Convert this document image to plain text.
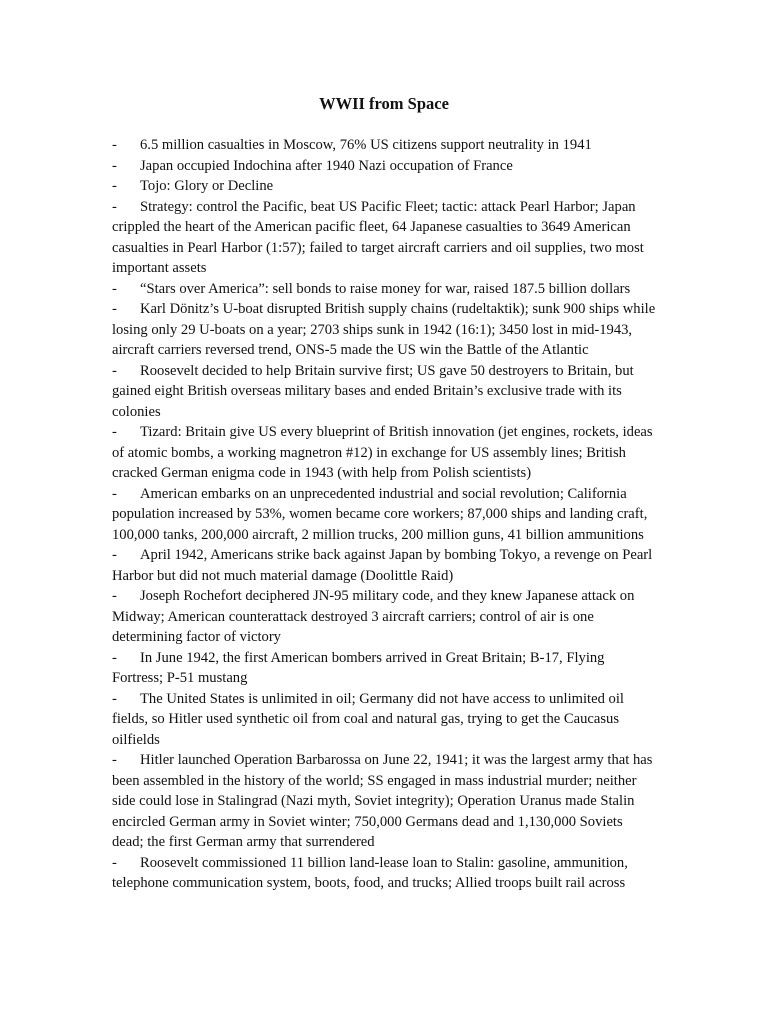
WWII from Space
- 6.5 million casualties in Moscow, 76% US citizens support neutrality in 1941
- Japan occupied Indochina after 1940 Nazi occupation of France
- Tojo: Glory or Decline
- Strategy: control the Pacific, beat US Pacific Fleet; tactic: attack Pearl Harbor; Japan crippled the heart of the American pacific fleet, 64 Japanese casualties to 3649 American casualties in Pearl Harbor (1:57); failed to target aircraft carriers and oil supplies, two most important assets
- “Stars over America”: sell bonds to raise money for war, raised 187.5 billion dollars
- Karl Dönitz’s U-boat disrupted British supply chains (rudeltaktik); sunk 900 ships while losing only 29 U-boats on a year; 2703 ships sunk in 1942 (16:1); 3450 lost in mid-1943, aircraft carriers reversed trend, ONS-5 made the US win the Battle of the Atlantic
- Roosevelt decided to help Britain survive first; US gave 50 destroyers to Britain, but gained eight British overseas military bases and ended Britain’s exclusive trade with its colonies
- Tizard: Britain give US every blueprint of British innovation (jet engines, rockets, ideas of atomic bombs, a working magnetron #12) in exchange for US assembly lines; British cracked German enigma code in 1943 (with help from Polish scientists)
- American embarks on an unprecedented industrial and social revolution; California population increased by 53%, women became core workers; 87,000 ships and landing craft, 100,000 tanks, 200,000 aircraft, 2 million trucks, 200 million guns, 41 billion ammunitions
- April 1942, Americans strike back against Japan by bombing Tokyo, a revenge on Pearl Harbor but did not much material damage (Doolittle Raid)
- Joseph Rochefort deciphered JN-95 military code, and they knew Japanese attack on Midway; American counterattack destroyed 3 aircraft carriers; control of air is one determining factor of victory
- In June 1942, the first American bombers arrived in Great Britain; B-17, Flying Fortress; P-51 mustang
- The United States is unlimited in oil; Germany did not have access to unlimited oil fields, so Hitler used synthetic oil from coal and natural gas, trying to get the Caucasus oilfields
- Hitler launched Operation Barbarossa on June 22, 1941; it was the largest army that has been assembled in the history of the world; SS engaged in mass industrial murder; neither side could lose in Stalingrad (Nazi myth, Soviet integrity); Operation Uranus made Stalin encircled German army in Soviet winter; 750,000 Germans dead and 1,130,000 Soviets dead; the first German army that surrendered
- Roosevelt commissioned 11 billion land-lease loan to Stalin: gasoline, ammunition, telephone communication system, boots, food, and trucks; Allied troops built rail across
